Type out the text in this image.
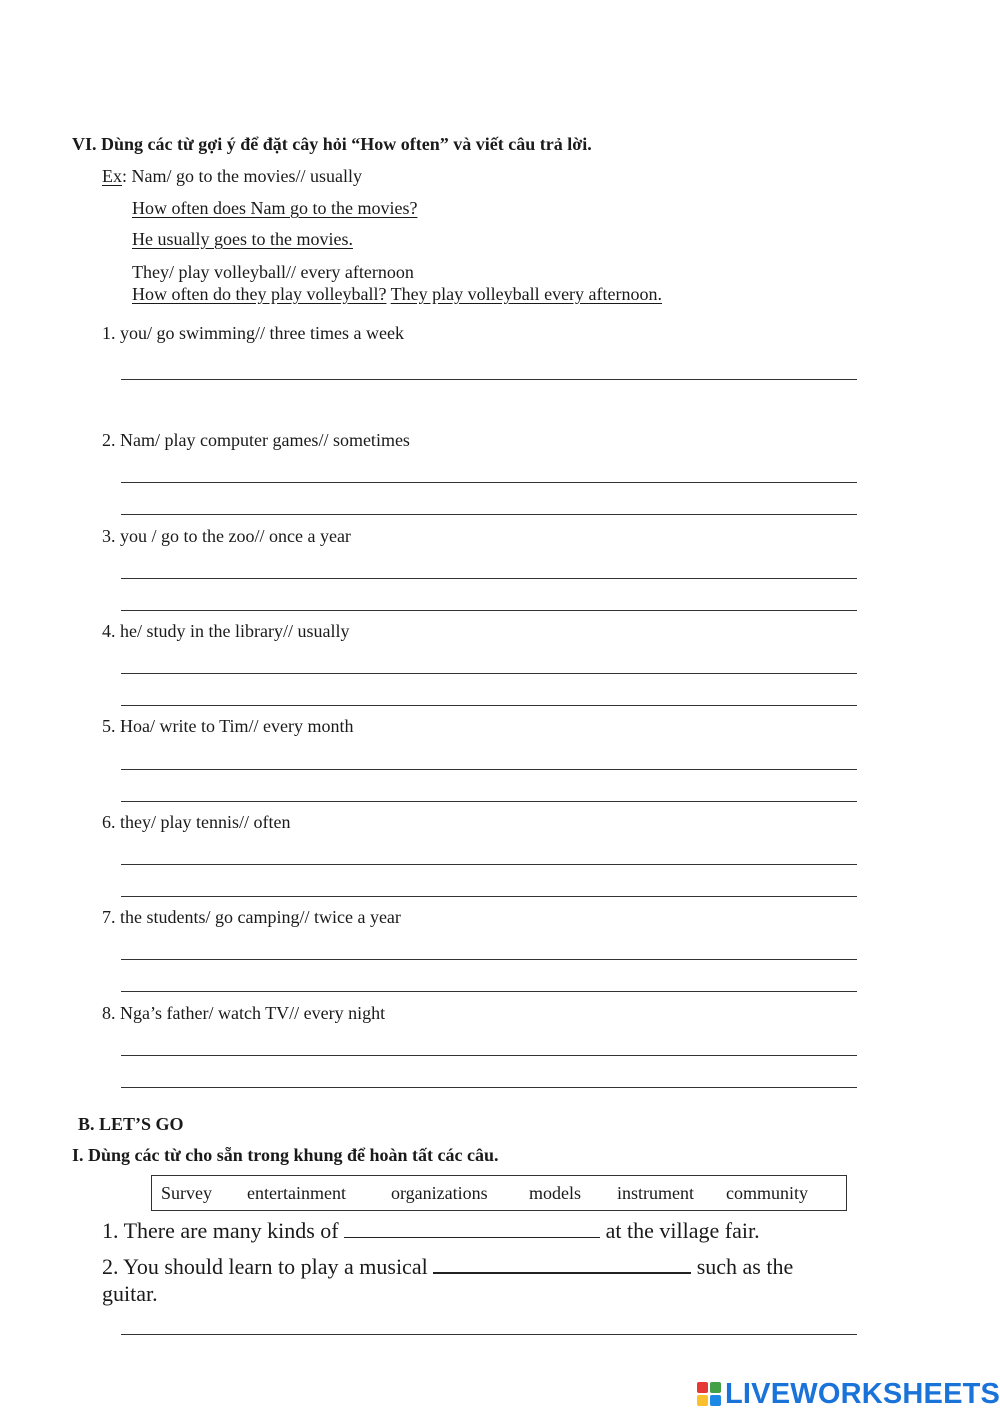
VI. Dùng các từ gợi ý để đặt cây hỏi “How often” và viết câu trả lời.
Ex: Nam/ go to the movies// usually
How often does Nam go to the movies?
He usually goes to the movies.
They/ play volleyball// every afternoon
How often do they play volleyball? They play volleyball every afternoon.
1. you/ go swimming// three times a week
2. Nam/ play computer games// sometimes
3. you / go to the zoo// once a year
4. he/ study in the library// usually
5. Hoa/ write to Tim// every month
6. they/ play tennis// often
7. the students/ go camping// twice a year
8. Nga’s father/ watch TV// every night
B. LET’S GO
I. Dùng các từ cho sẵn trong khung để hoàn tất các câu.
Survey entertainment	organizations models instrument community
1. There are many kinds of	at the village fair.
2. You should learn to play a musical	such as the
guitar.
LIVEWORKSHEETS
